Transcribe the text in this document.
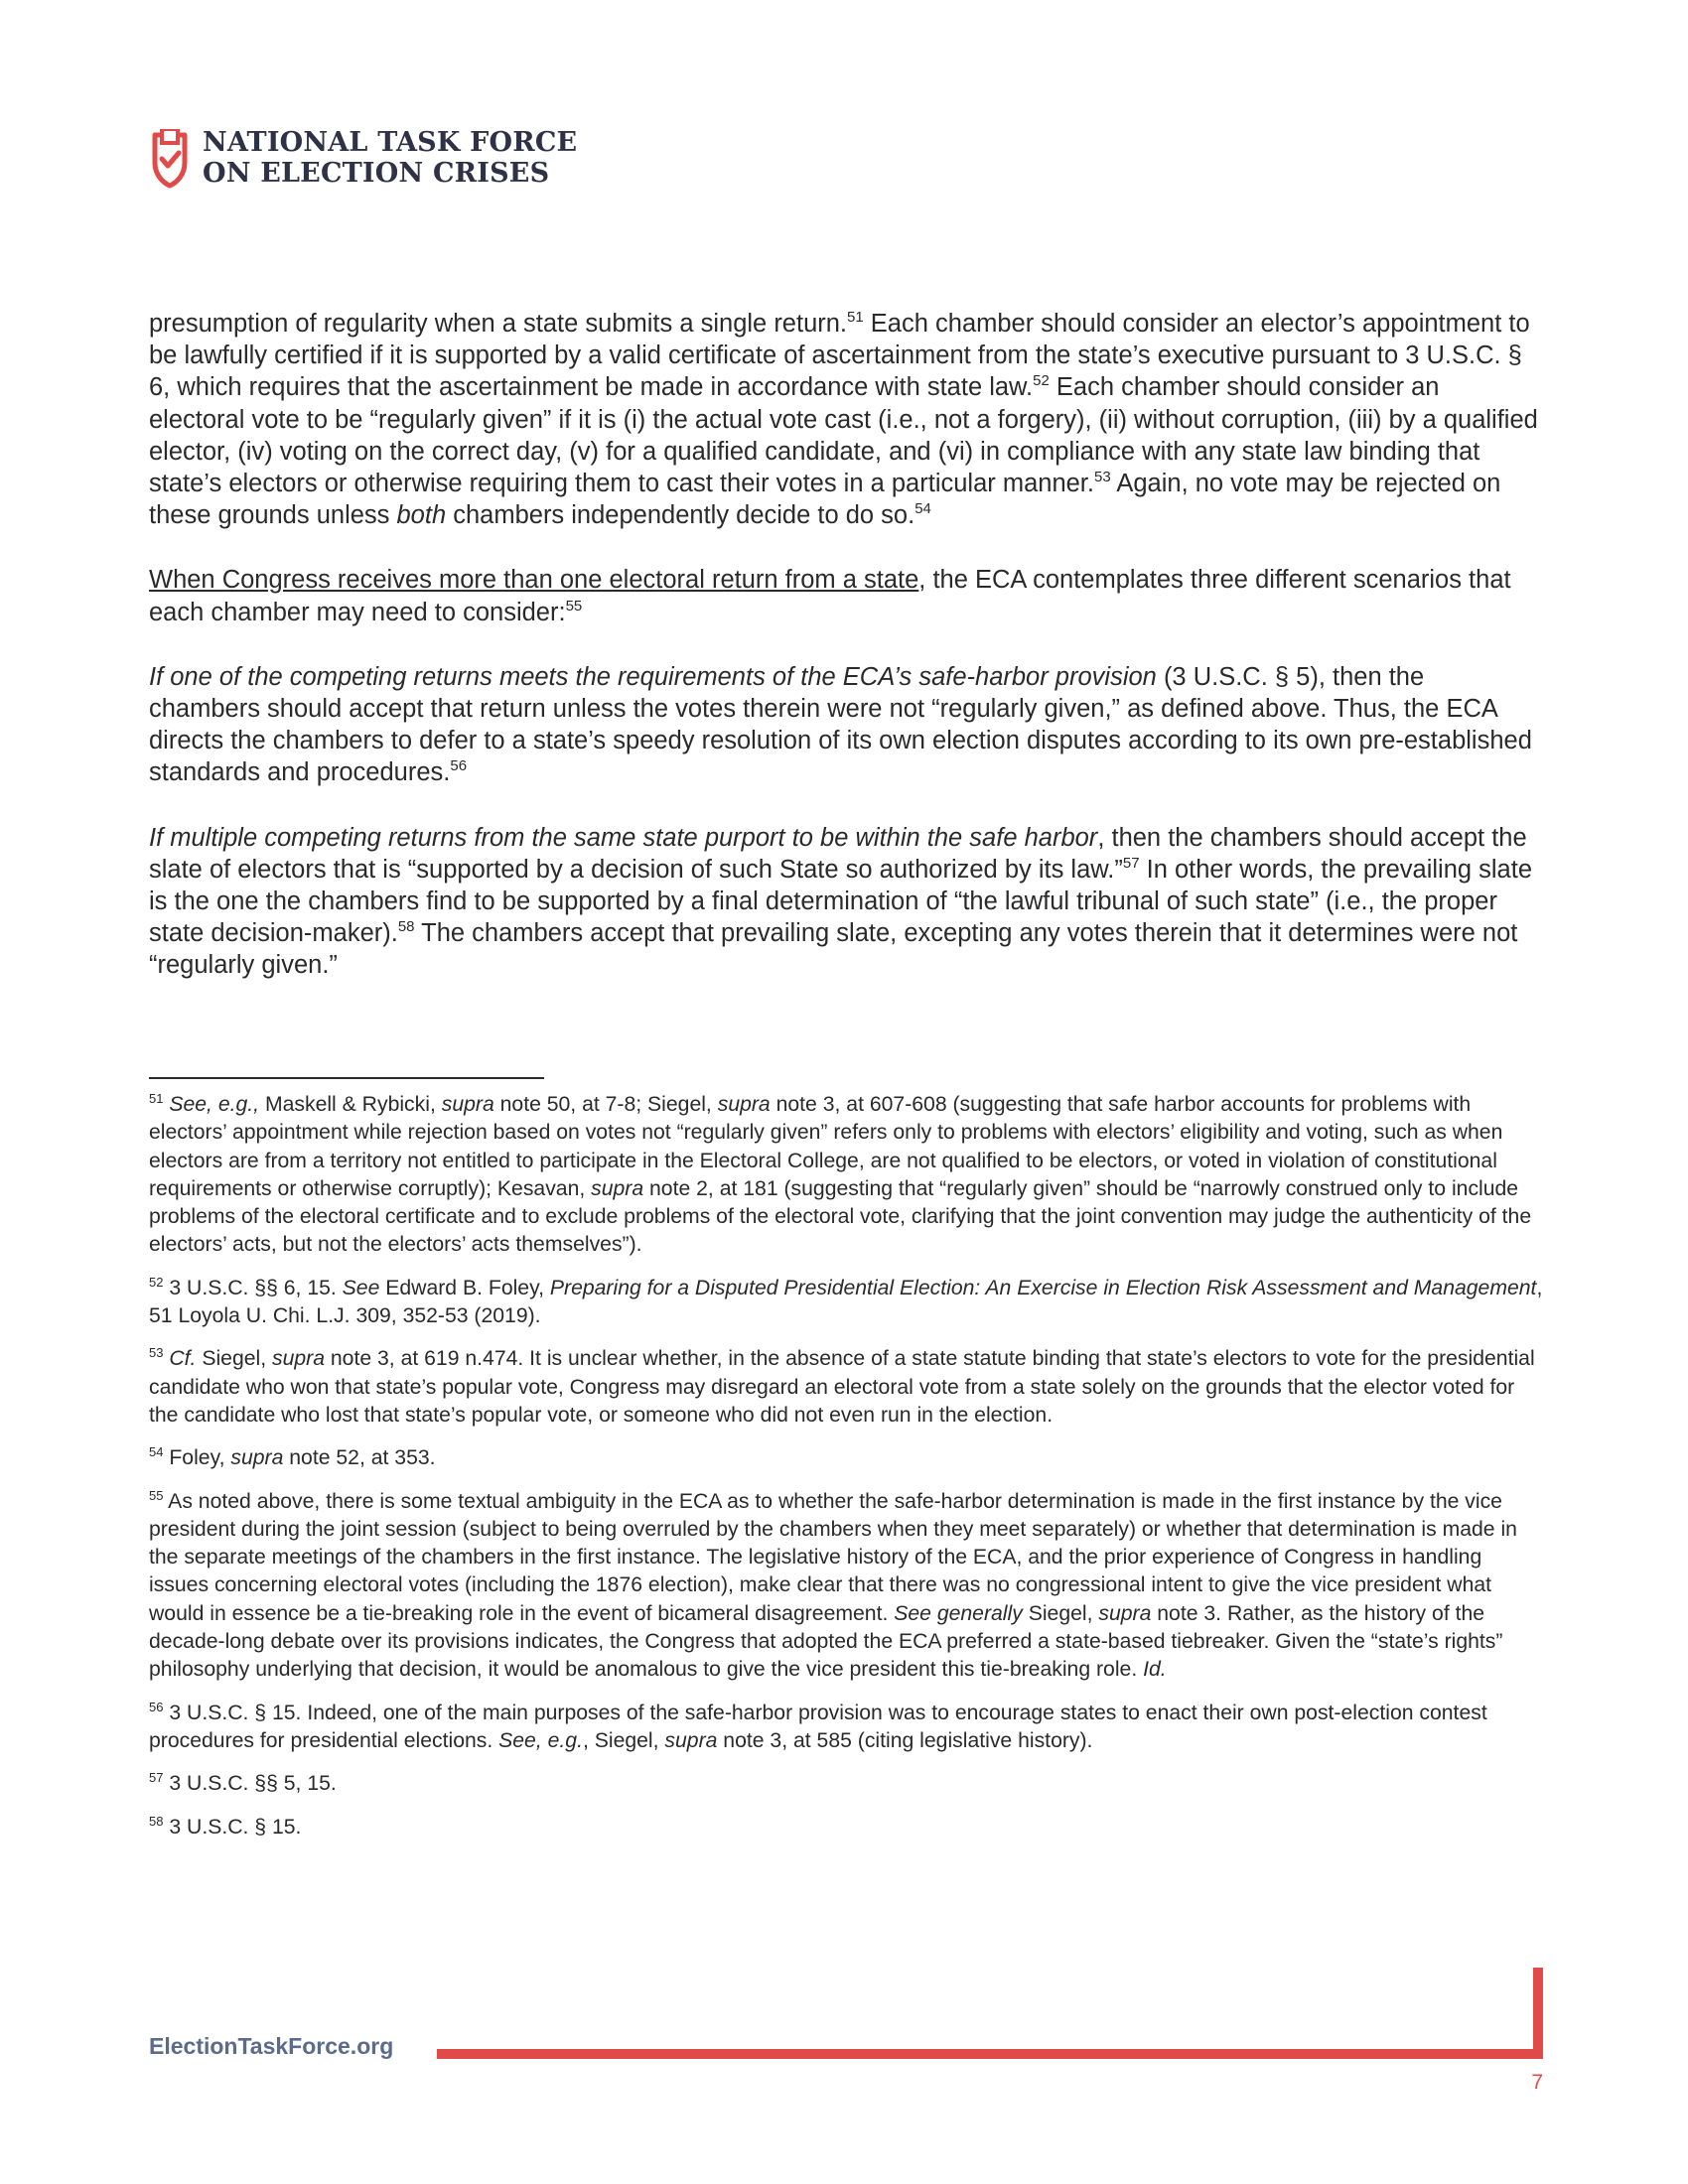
NATIONAL TASK FORCE
ON ELECTION CRISES

presumption of regularity when a state submits a single return.$^{51}$ Each chamber should consider an elector’s appointment to be lawfully certified if it is supported by a valid certificate of ascertainment from the state’s executive pursuant to 3 U.S.C. § 6, which requires that the ascertainment be made in accordance with state law.$^{52}$ Each chamber should consider an electoral vote to be “regularly given” if it is (i) the actual vote cast (i.e., not a forgery), (ii) without corruption, (iii) by a qualified elector, (iv) voting on the correct day, (v) for a qualified candidate, and (vi) in compliance with any state law binding that state’s electors or otherwise requiring them to cast their votes in a particular manner.$^{53}$ Again, no vote may be rejected on these grounds unless both chambers independently decide to do so.$^{54}$

When Congress receives more than one electoral return from a state, the ECA contemplates three different scenarios that each chamber may need to consider:$^{55}$

If one of the competing returns meets the requirements of the ECA’s safe-harbor provision (3 U.S.C. § 5), then the chambers should accept that return unless the votes therein were not “regularly given,” as defined above. Thus, the ECA directs the chambers to defer to a state’s speedy resolution of its own election disputes according to its own pre-established standards and procedures.$^{56}$

If multiple competing returns from the same state purport to be within the safe harbor, then the chambers should accept the slate of electors that is “supported by a decision of such State so authorized by its law.”$^{57}$ In other words, the prevailing slate is the one the chambers find to be supported by a final determination of “the lawful tribunal of such state” (i.e., the proper state decision-maker).$^{58}$ The chambers accept that prevailing slate, excepting any votes therein that it determines were not “regularly given.”

$^{51}$ See, e.g., Maskell & Rybicki, supra note 50, at 7-8; Siegel, supra note 3, at 607-608 (suggesting that safe harbor accounts for problems with electors’ appointment while rejection based on votes not “regularly given” refers only to problems with electors’ eligibility and voting, such as when electors are from a territory not entitled to participate in the Electoral College, are not qualified to be electors, or voted in violation of constitutional requirements or otherwise corruptly); Kesavan, supra note 2, at 181 (suggesting that “regularly given” should be “narrowly construed only to include problems of the electoral certificate and to exclude problems of the electoral vote, clarifying that the joint convention may judge the authenticity of the electors’ acts, but not the electors’ acts themselves”).
$^{52}$ 3 U.S.C. §§ 6, 15. See Edward B. Foley, Preparing for a Disputed Presidential Election: An Exercise in Election Risk Assessment and Management, 51 Loyola U. Chi. L.J. 309, 352-53 (2019).
$^{53}$ Cf. Siegel, supra note 3, at 619 n.474. It is unclear whether, in the absence of a state statute binding that state’s electors to vote for the presidential candidate who won that state’s popular vote, Congress may disregard an electoral vote from a state solely on the grounds that the elector voted for the candidate who lost that state’s popular vote, or someone who did not even run in the election.
$^{54}$ Foley, supra note 52, at 353.
$^{55}$ As noted above, there is some textual ambiguity in the ECA as to whether the safe-harbor determination is made in the first instance by the vice president during the joint session (subject to being overruled by the chambers when they meet separately) or whether that determination is made in the separate meetings of the chambers in the first instance. The legislative history of the ECA, and the prior experience of Congress in handling issues concerning electoral votes (including the 1876 election), make clear that there was no congressional intent to give the vice president what would in essence be a tie-breaking role in the event of bicameral disagreement. See generally Siegel, supra note 3. Rather, as the history of the decade-long debate over its provisions indicates, the Congress that adopted the ECA preferred a state-based tiebreaker. Given the “state’s rights” philosophy underlying that decision, it would be anomalous to give the vice president this tie-breaking role. Id.
$^{56}$ 3 U.S.C. § 15. Indeed, one of the main purposes of the safe-harbor provision was to encourage states to enact their own post-election contest procedures for presidential elections. See, e.g., Siegel, supra note 3, at 585 (citing legislative history).
$^{57}$ 3 U.S.C. §§ 5, 15.
$^{58}$ 3 U.S.C. § 15.
ElectionTaskForce.org
7
